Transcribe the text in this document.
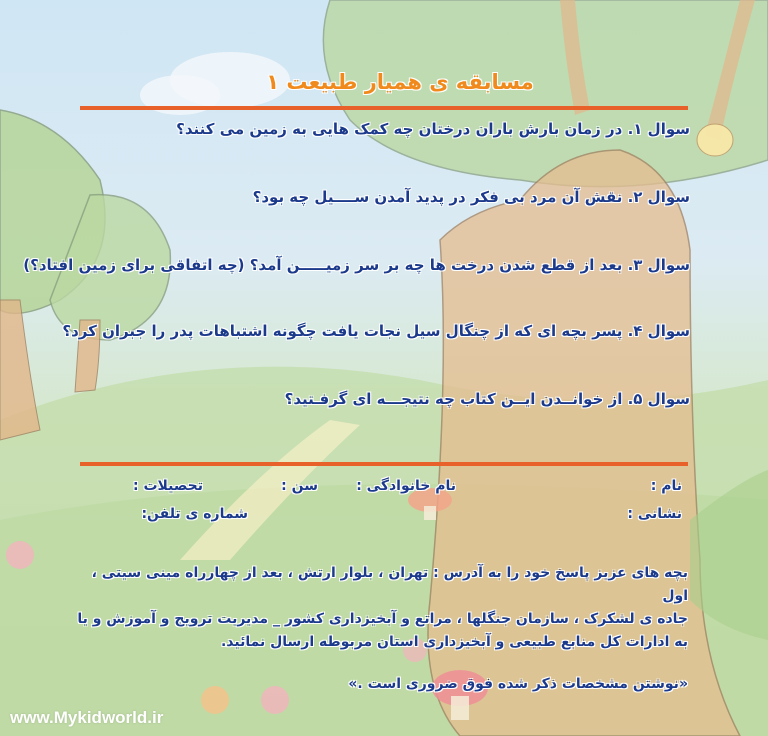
مسابقه ی همیار طبیعت ۱
سوال ۱. در زمان بارش باران درختان چه کمک هایی به زمین می کنند؟
سوال ۲. نقش آن مرد بی فکر در پدید آمدن ســــیل چه بود؟
سوال ۳. بعد از قطع شدن درخت ها چه بر سر زمیـــــن آمد؟ (چه اتفاقی برای زمین افتاد؟)
سوال ۴. پسر بچه ای که از چنگال سیل نجات یافت چگونه اشتباهات پدر را جبران کرد؟
سوال ۵. از خوانــدن ایــن کتاب چه نتیجـــه ای گرفـتید؟
نام :
نام خانوادگی :
سن :
تحصیلات :
نشانی :
شماره ی تلفن:
بچه های عزیز پاسخ خود را به آدرس : تهران ، بلوار ارتش ، بعد از چهارراه مینی سیتی ، اول
جاده ی لشکرک ، سازمان جنگلها ، مراتع و آبخیزداری کشور _ مدیریت ترویج و آموزش و یا
به ادارات کل منابع طبیعی و آبخیزداری استان مربوطه ارسال نمائید.
«نوشتن مشخصات ذکر شده فوق ضروری است .»
www.Mykidworld.ir
